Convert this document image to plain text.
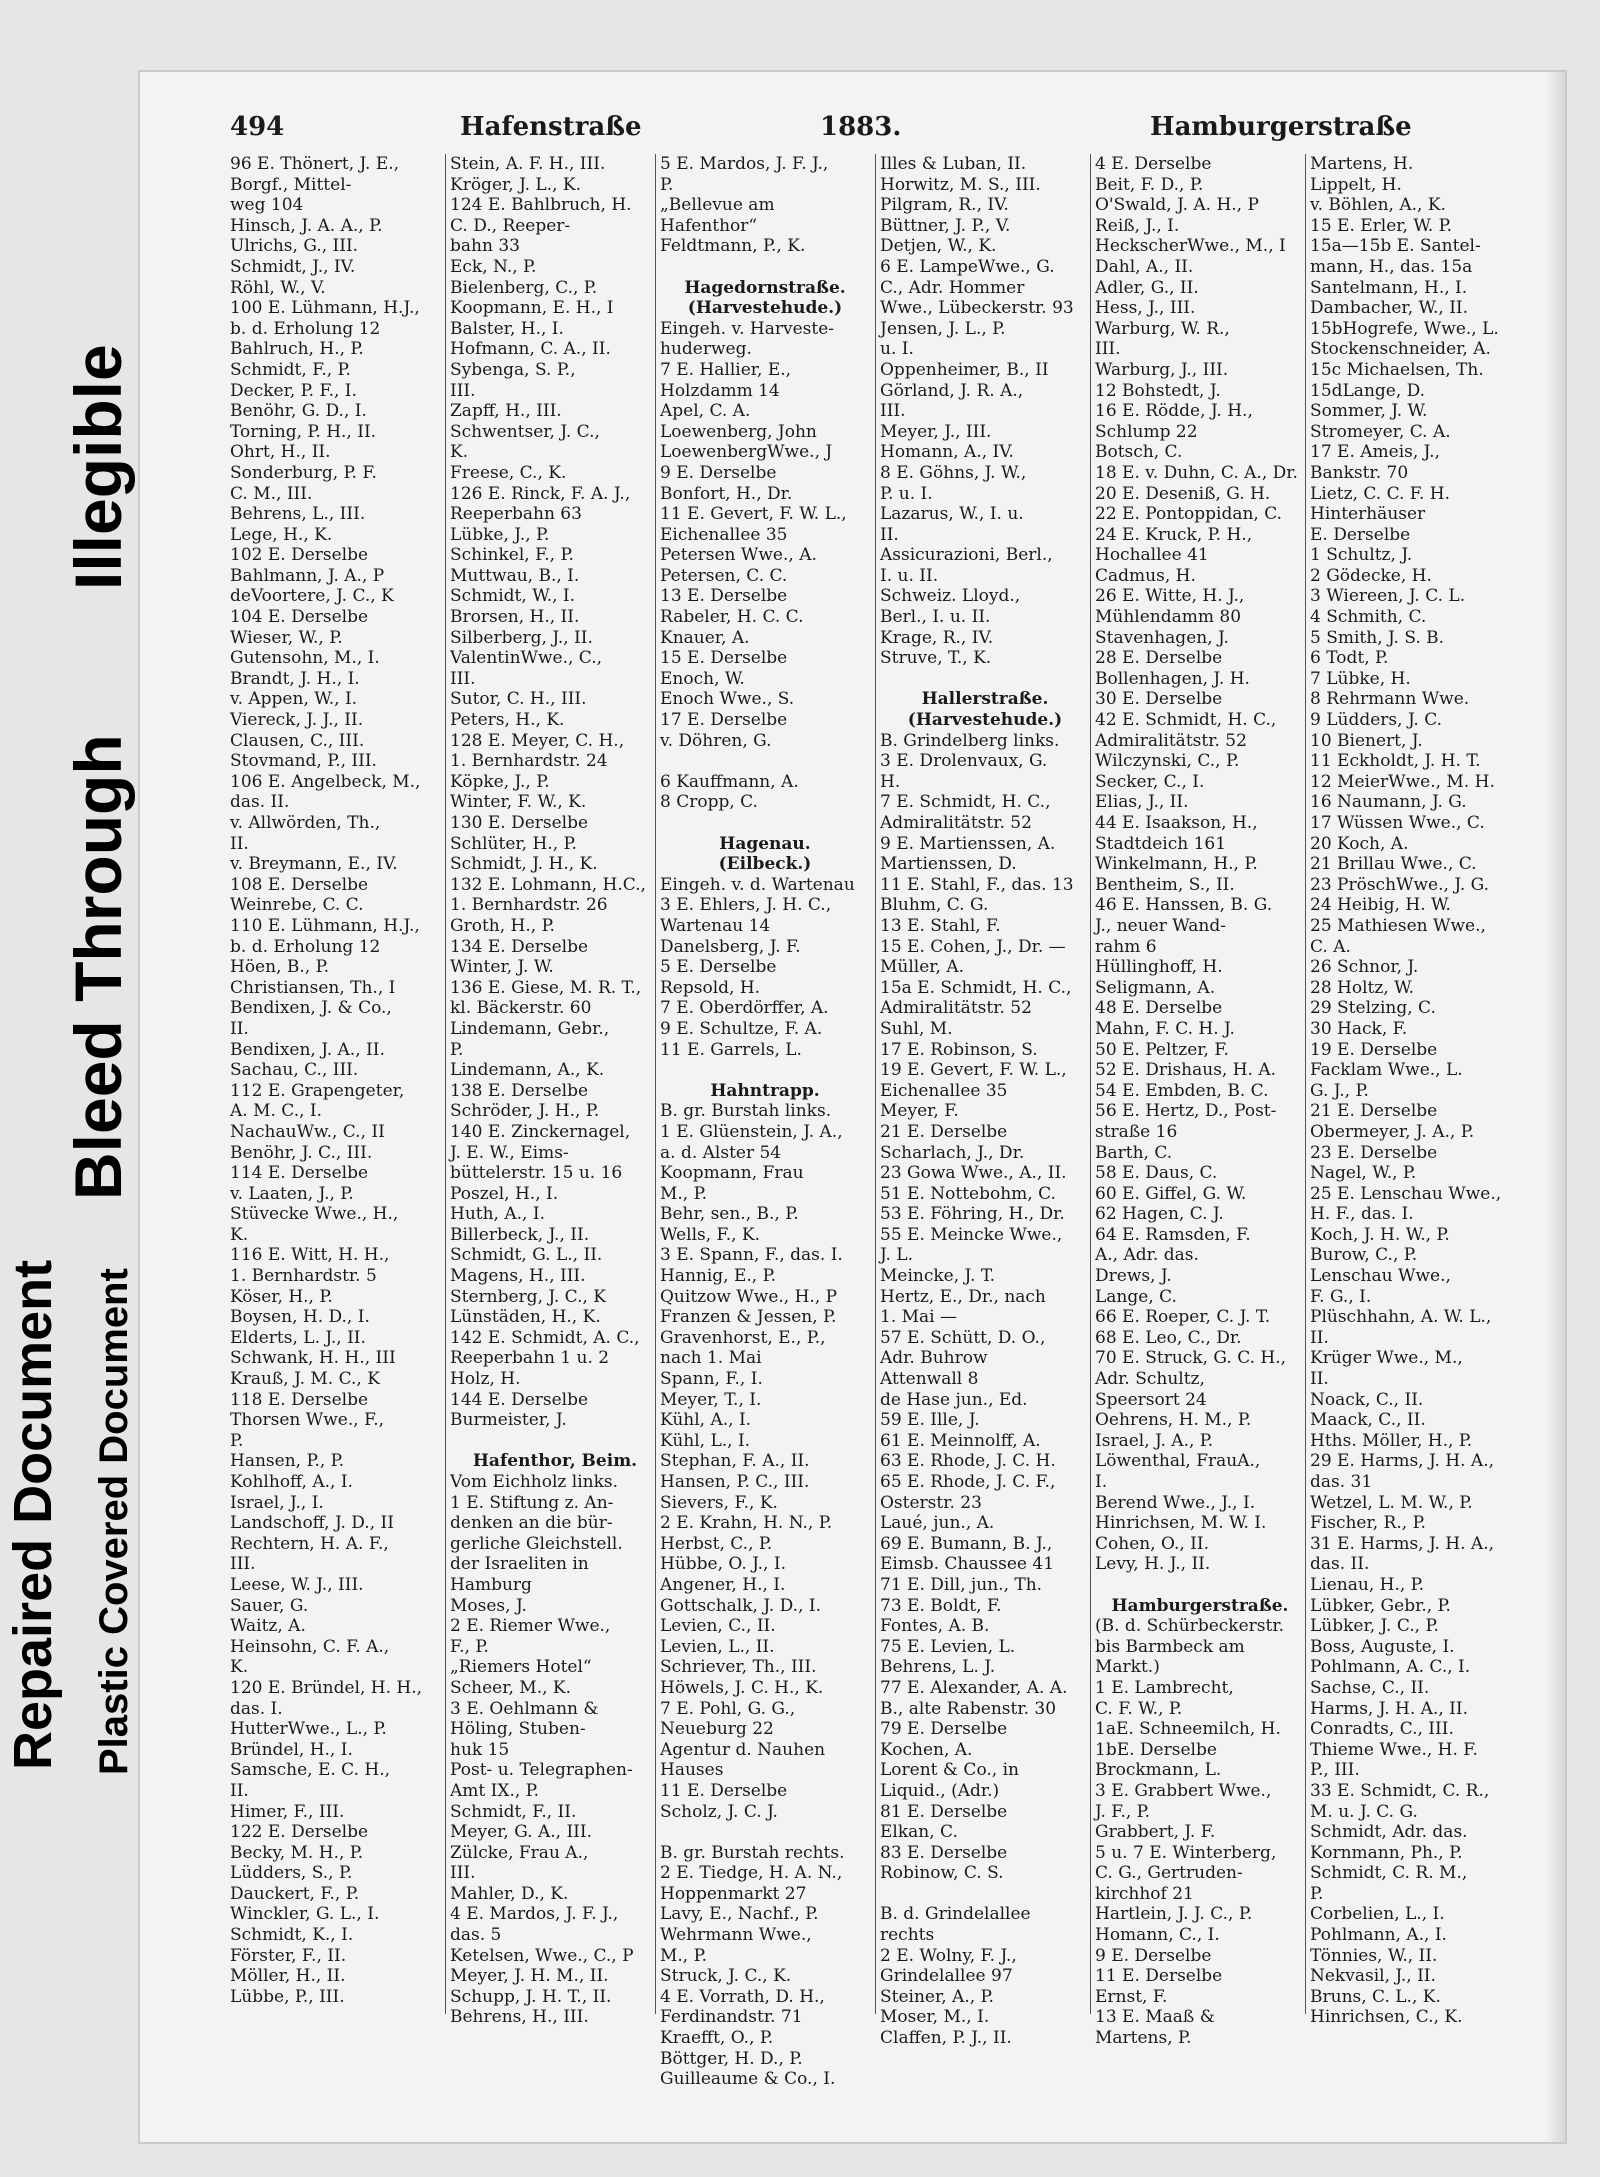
Repaired Document Plastic Covered Document
Bleed Through
Illegible
494	Hafenstraße	1883.	Hamburgerstraße
96 E. Thönert, J. E.,
Borgf., Mittel-
weg 104
Hinsch, J. A. A., P.
Ulrichs, G., III.
Schmidt, J., IV.
Röhl, W., V.
100 E. Lühmann, H.J.,
b. d. Erholung 12
Bahlruch, H., P.
Schmidt, F., P.
Decker, P. F., I.
Benöhr, G. D., I.
Torning, P. H., II.
Ohrt, H., II.
Sonderburg, P. F.
C. M., III.
Behrens, L., III.
Lege, H., K.
102 E. Derselbe
Bahlmann, J. A., P
deVoortere, J. C., K
104 E. Derselbe
Wieser, W., P.
Gutensohn, M., I.
Brandt, J. H., I.
v. Appen, W., I.
Viereck, J. J., II.
Clausen, C., III.
Stovmand, P., III.
106 E. Angelbeck, M.,
das. II.
v. Allwörden, Th.,
II.
v. Breymann, E., IV.
108 E. Derselbe
Weinrebe, C. C.
110 E. Lühmann, H.J.,
b. d. Erholung 12
Höen, B., P.
Christiansen, Th., I
Bendixen, J. & Co.,
II.
Bendixen, J. A., II.
Sachau, C., III.
112 E. Grapengeter,
A. M. C., I.
NachauWw., C., II
Benöhr, J. C., III.
114 E. Derselbe
v. Laaten, J., P.
Stüvecke Wwe., H.,
K.
116 E. Witt, H. H.,
1. Bernhardstr. 5
Köser, H., P.
Boysen, H. D., I.
Elderts, L. J., II.
Schwank, H. H., III
Krauß, J. M. C., K
118 E. Derselbe
Thorsen Wwe., F.,
P.
Hansen, P., P.
Kohlhoff, A., I.
Israel, J., I.
Landschoff, J. D., II
Rechtern, H. A. F.,
III.
Leese, W. J., III.
Sauer, G.
Waitz, A.
Heinsohn, C. F. A.,
K.
120 E. Bründel, H. H.,
das. I.
HutterWwe., L., P.
Bründel, H., I.
Samsche, E. C. H.,
II.
Himer, F., III.
122 E. Derselbe
Becky, M. H., P.
Lüdders, S., P.
Dauckert, F., P.
Winckler, G. L., I.
Schmidt, K., I.
Förster, F., II.
Möller, H., II.
Lübbe, P., III.
Stein, A. F. H., III.
Kröger, J. L., K.
124 E. Bahlbruch, H.
C. D., Reeper-
bahn 33
Eck, N., P.
Bielenberg, C., P.
Koopmann, E. H., I
Balster, H., I.
Hofmann, C. A., II.
Sybenga, S. P.,
III.
Zapff, H., III.
Schwentser, J. C.,
K.
Freese, C., K.
126 E. Rinck, F. A. J.,
Reeperbahn 63
Lübke, J., P.
Schinkel, F., P.
Muttwau, B., I.
Schmidt, W., I.
Brorsen, H., II.
Silberberg, J., II.
ValentinWwe., C.,
III.
Sutor, C. H., III.
Peters, H., K.
128 E. Meyer, C. H.,
1. Bernhardstr. 24
Köpke, J., P.
Winter, F. W., K.
130 E. Derselbe
Schlüter, H., P.
Schmidt, J. H., K.
132 E. Lohmann, H.C.,
1. Bernhardstr. 26
Groth, H., P.
134 E. Derselbe
Winter, J. W.
136 E. Giese, M. R. T.,
kl. Bäckerstr. 60
Lindemann, Gebr.,
P.
Lindemann, A., K.
138 E. Derselbe
Schröder, J. H., P.
140 E. Zinckernagel,
J. E. W., Eims-
büttelerstr. 15 u. 16
Poszel, H., I.
Huth, A., I.
Billerbeck, J., II.
Schmidt, G. L., II.
Magens, H., III.
Sternberg, J. C., K
Lünstäden, H., K.
142 E. Schmidt, A. C.,
Reeperbahn 1 u. 2
Holz, H.
144 E. Derselbe
Burmeister, J.

Hafenthor, Beim.
Vom Eichholz links.
1 E. Stiftung z. An-
denken an die bür-
gerliche Gleichstell.
der Israeliten in
Hamburg
Moses, J.
2 E. Riemer Wwe.,
F., P.
„Riemers Hotel“
Scheer, M., K.
3 E. Oehlmann &
Höling, Stuben-
huk 15
Post- u. Telegraphen-
Amt IX., P.
Schmidt, F., II.
Meyer, G. A., III.
Zülcke, Frau A.,
III.
Mahler, D., K.
4 E. Mardos, J. F. J.,
das. 5
Ketelsen, Wwe., C., P
Meyer, J. H. M., II.
Schupp, J. H. T., II.
Behrens, H., III.
5 E. Mardos, J. F. J.,
P.
„Bellevue am
Hafenthor“
Feldtmann, P., K.

Hagedornstraße.
(Harvestehude.)
Eingeh. v. Harveste-
huderweg.
7 E. Hallier, E.,
Holzdamm 14
Apel, C. A.
Loewenberg, John
LoewenbergWwe., J
9 E. Derselbe
Bonfort, H., Dr.
11 E. Gevert, F. W. L.,
Eichenallee 35
Petersen Wwe., A.
Petersen, C. C.
13 E. Derselbe
Rabeler, H. C. C.
Knauer, A.
15 E. Derselbe
Enoch, W.
Enoch Wwe., S.
17 E. Derselbe
v. Döhren, G.

6 Kauffmann, A.
8 Cropp, C.

Hagenau.
(Eilbeck.)
Eingeh. v. d. Wartenau
3 E. Ehlers, J. H. C.,
Wartenau 14
Danelsberg, J. F.
5 E. Derselbe
Repsold, H.
7 E. Oberdörffer, A.
9 E. Schultze, F. A.
11 E. Garrels, L.

Hahntrapp.
B. gr. Burstah links.
1 E. Glüenstein, J. A.,
a. d. Alster 54
Koopmann, Frau
M., P.
Behr, sen., B., P.
Wells, F., K.
3 E. Spann, F., das. I.
Hannig, E., P.
Quitzow Wwe., H., P
Franzen & Jessen, P.
Gravenhorst, E., P.,
nach 1. Mai
Spann, F., I.
Meyer, T., I.
Kühl, A., I.
Kühl, L., I.
Stephan, F. A., II.
Hansen, P. C., III.
Sievers, F., K.
2 E. Krahn, H. N., P.
Herbst, C., P.
Hübbe, O. J., I.
Angener, H., I.
Gottschalk, J. D., I.
Levien, C., II.
Levien, L., II.
Schriever, Th., III.
Höwels, J. C. H., K.
7 E. Pohl, G. G.,
Neueburg 22
Agentur d. Nauhen
Hauses
11 E. Derselbe
Scholz, J. C. J.

B. gr. Burstah rechts.
2 E. Tiedge, H. A. N.,
Hoppenmarkt 27
Lavy, E., Nachf., P.
Wehrmann Wwe.,
M., P.
Struck, J. C., K.
4 E. Vorrath, D. H.,
Ferdinandstr. 71
Kraefft, O., P.
Böttger, H. D., P.
Guilleaume & Co., I.
Illes & Luban, II.
Horwitz, M. S., III.
Pilgram, R., IV.
Büttner, J. P., V.
Detjen, W., K.
6 E. LampeWwe., G.
C., Adr. Hommer
Wwe., Lübeckerstr. 93
Jensen, J. L., P.
u. I.
Oppenheimer, B., II
Görland, J. R. A.,
III.
Meyer, J., III.
Homann, A., IV.
8 E. Göhns, J. W.,
P. u. I.
Lazarus, W., I. u.
II.
Assicurazioni, Berl.,
I. u. II.
Schweiz. Lloyd.,
Berl., I. u. II.
Krage, R., IV.
Struve, T., K.

Hallerstraße.
(Harvestehude.)
B. Grindelberg links.
3 E. Drolenvaux, G.
H.
7 E. Schmidt, H. C.,
Admiralitätstr. 52
9 E. Martienssen, A.
Martienssen, D.
11 E. Stahl, F., das. 13
Bluhm, C. G.
13 E. Stahl, F.
15 E. Cohen, J., Dr. —
Müller, A.
15a E. Schmidt, H. C.,
Admiralitätstr. 52
Suhl, M.
17 E. Robinson, S.
19 E. Gevert, F. W. L.,
Eichenallee 35
Meyer, F.
21 E. Derselbe
Scharlach, J., Dr.
23 Gowa Wwe., A., II.
51 E. Nottebohm, C.
53 E. Föhring, H., Dr.
55 E. Meincke Wwe.,
J. L.
Meincke, J. T.
Hertz, E., Dr., nach
1. Mai —
57 E. Schütt, D. O.,
Adr. Buhrow
Attenwall 8
de Hase jun., Ed.
59 E. Ille, J.
61 E. Meinnolff, A.
63 E. Rhode, J. C. H.
65 E. Rhode, J. C. F.,
Osterstr. 23
Laué, jun., A.
69 E. Bumann, B. J.,
Eimsb. Chaussee 41
71 E. Dill, jun., Th.
73 E. Boldt, F.
Fontes, A. B.
75 E. Levien, L.
Behrens, L. J.
77 E. Alexander, A. A.
B., alte Rabenstr. 30
79 E. Derselbe
Kochen, A.
Lorent & Co., in
Liquid., (Adr.)
81 E. Derselbe
Elkan, C.
83 E. Derselbe
Robinow, C. S.

B. d. Grindelallee
rechts
2 E. Wolny, F. J.,
Grindelallee 97
Steiner, A., P.
Moser, M., I.
Claffen, P. J., II.
4 E. Derselbe
Beit, F. D., P.
O'Swald, J. A. H., P
Reiß, J., I.
HeckscherWwe., M., I
Dahl, A., II.
Adler, G., II.
Hess, J., III.
Warburg, W. R.,
III.
Warburg, J., III.
12 Bohstedt, J.
16 E. Rödde, J. H.,
Schlump 22
Botsch, C.
18 E. v. Duhn, C. A., Dr.
20 E. Deseniß, G. H.
22 E. Pontoppidan, C.
24 E. Kruck, P. H.,
Hochallee 41
Cadmus, H.
26 E. Witte, H. J.,
Mühlendamm 80
Stavenhagen, J.
28 E. Derselbe
Bollenhagen, J. H.
30 E. Derselbe
42 E. Schmidt, H. C.,
Admiralitätstr. 52
Wilczynski, C., P.
Secker, C., I.
Elias, J., II.
44 E. Isaakson, H.,
Stadtdeich 161
Winkelmann, H., P.
Bentheim, S., II.
46 E. Hanssen, B. G.
J., neuer Wand-
rahm 6
Hüllinghoff, H.
Seligmann, A.
48 E. Derselbe
Mahn, F. C. H. J.
50 E. Peltzer, F.
52 E. Drishaus, H. A.
54 E. Embden, B. C.
56 E. Hertz, D., Post-
straße 16
Barth, C.
58 E. Daus, C.
60 E. Giffel, G. W.
62 Hagen, C. J.
64 E. Ramsden, F.
A., Adr. das.
Drews, J.
Lange, C.
66 E. Roeper, C. J. T.
68 E. Leo, C., Dr.
70 E. Struck, G. C. H.,
Adr. Schultz,
Speersort 24
Oehrens, H. M., P.
Israel, J. A., P.
Löwenthal, FrauA.,
I.
Berend Wwe., J., I.
Hinrichsen, M. W. I.
Cohen, O., II.
Levy, H. J., II.

Hamburgerstraße.
(B. d. Schürbeckerstr.
bis Barmbeck am
Markt.)
1 E. Lambrecht,
C. F. W., P.
1aE. Schneemilch, H.
1bE. Derselbe
Brockmann, L.
3 E. Grabbert Wwe.,
J. F., P.
Grabbert, J. F.
5 u. 7 E. Winterberg,
C. G., Gertruden-
kirchhof 21
Hartlein, J. J. C., P.
Homann, C., I.
9 E. Derselbe
11 E. Derselbe
Ernst, F.
13 E. Maaß &
Martens, P.
Martens, H.
Lippelt, H.
v. Böhlen, A., K.
15 E. Erler, W. P.
15a—15b E. Santel-
mann, H., das. 15a
Santelmann, H., I.
Dambacher, W., II.
15bHogrefe, Wwe., L.
Stockenschneider, A.
15c Michaelsen, Th.
15dLange, D.
Sommer, J. W.
Stromeyer, C. A.
17 E. Ameis, J.,
Bankstr. 70
Lietz, C. C. F. H.
Hinterhäuser
E. Derselbe
1 Schultz, J.
2 Gödecke, H.
3 Wiereen, J. C. L.
4 Schmith, C.
5 Smith, J. S. B.
6 Todt, P.
7 Lübke, H.
8 Rehrmann Wwe.
9 Lüdders, J. C.
10 Bienert, J.
11 Eckholdt, J. H. T.
12 MeierWwe., M. H.
16 Naumann, J. G.
17 Wüssen Wwe., C.
20 Koch, A.
21 Brillau Wwe., C.
23 PröschWwe., J. G.
24 Heibig, H. W.
25 Mathiesen Wwe.,
C. A.
26 Schnor, J.
28 Holtz, W.
29 Stelzing, C.
30 Hack, F.
19 E. Derselbe
Facklam Wwe., L.
G. J., P.
21 E. Derselbe
Obermeyer, J. A., P.
23 E. Derselbe
Nagel, W., P.
25 E. Lenschau Wwe.,
H. F., das. I.
Koch, J. H. W., P.
Burow, C., P.
Lenschau Wwe.,
F. G., I.
Plüschhahn, A. W. L.,
II.
Krüger Wwe., M.,
II.
Noack, C., II.
Maack, C., II.
Hths. Möller, H., P.
29 E. Harms, J. H. A.,
das. 31
Wetzel, L. M. W., P.
Fischer, R., P.
31 E. Harms, J. H. A.,
das. II.
Lienau, H., P.
Lübker, Gebr., P.
Lübker, J. C., P.
Boss, Auguste, I.
Pohlmann, A. C., I.
Sachse, C., II.
Harms, J. H. A., II.
Conradts, C., III.
Thieme Wwe., H. F.
P., III.
33 E. Schmidt, C. R.,
M. u. J. C. G.
Schmidt, Adr. das.
Kornmann, Ph., P.
Schmidt, C. R. M.,
P.
Corbelien, L., I.
Pohlmann, A., I.
Tönnies, W., II.
Nekvasil, J., II.
Bruns, C. L., K.
Hinrichsen, C., K.
